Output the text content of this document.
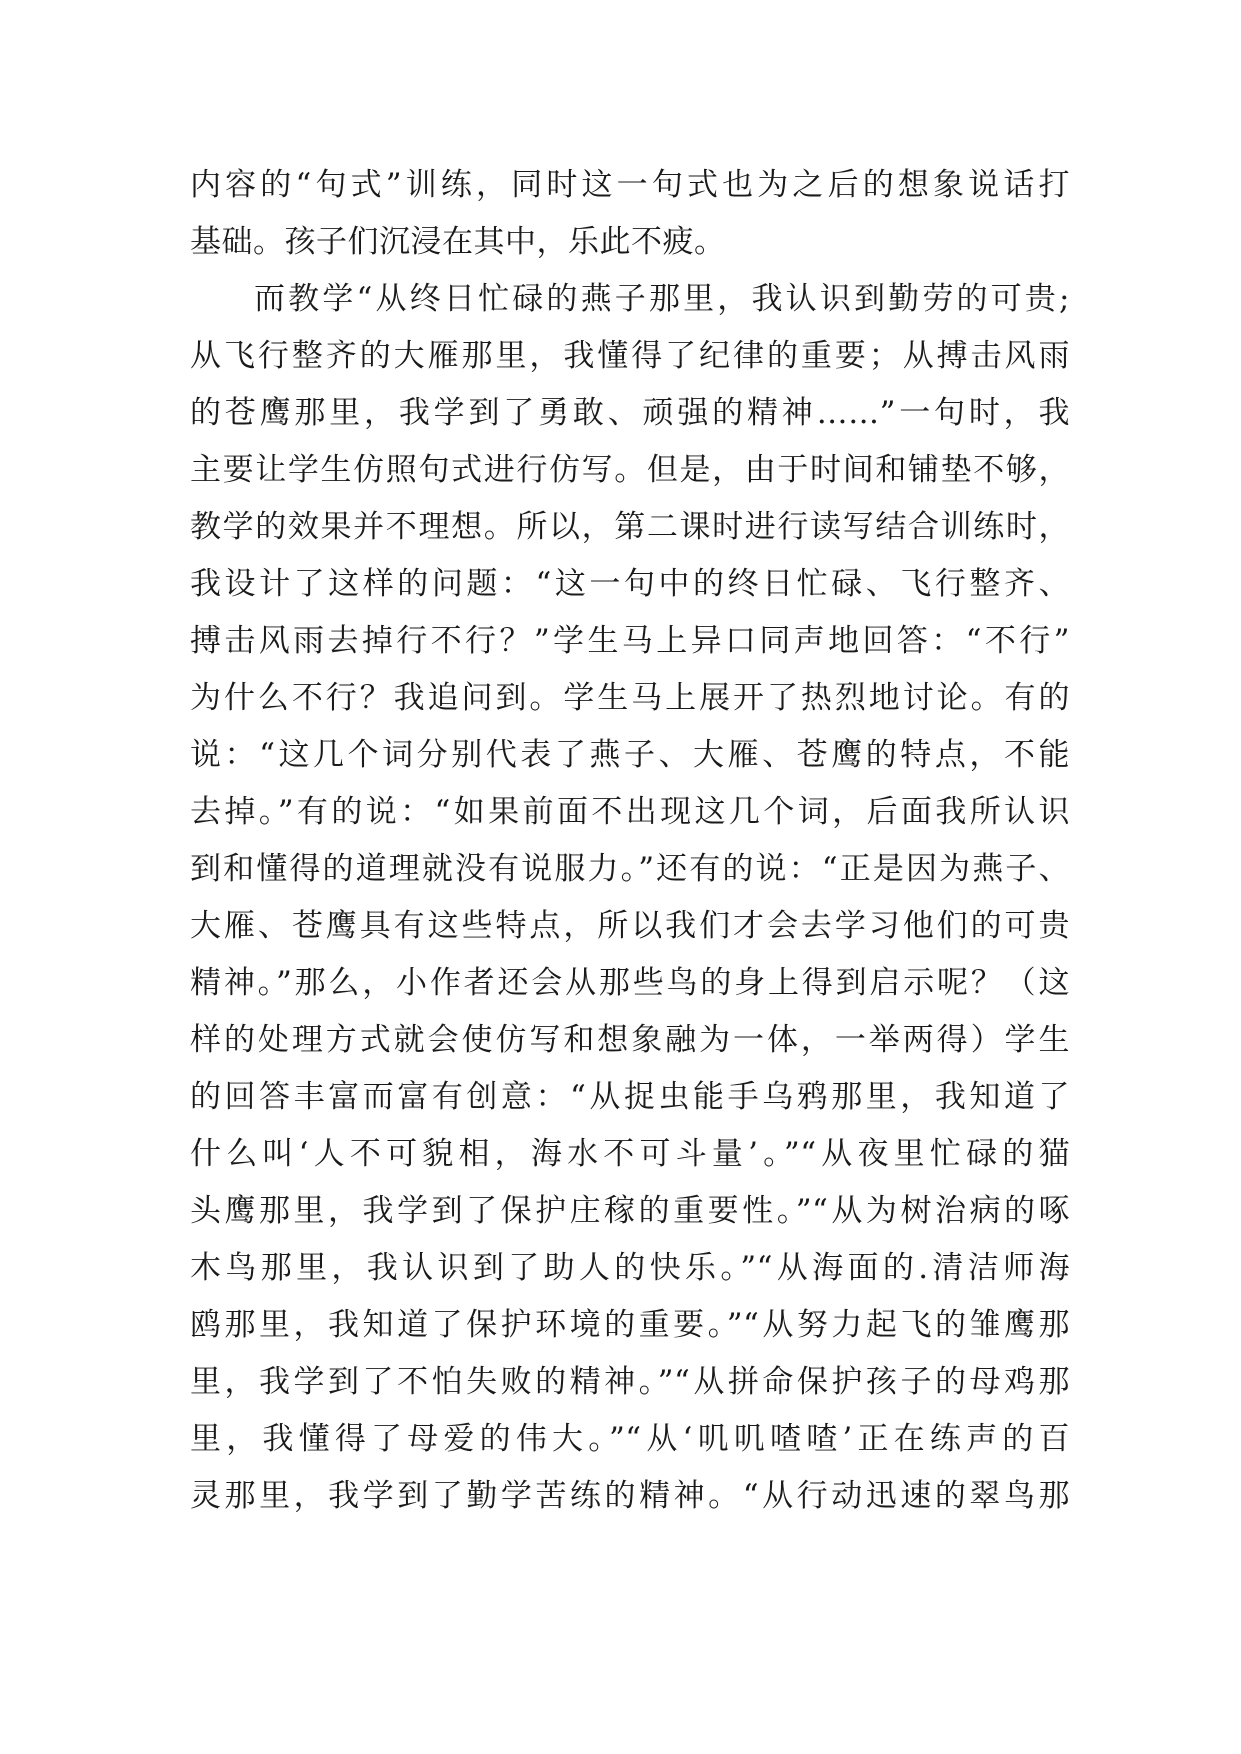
内容的“句式”训练，同时这一句式也为之后的想象说话打
基础。孩子们沉浸在其中，乐此不疲。
而教学“从终日忙碌的燕子那里，我认识到勤劳的可贵;
从飞行整齐的大雁那里，我懂得了纪律的重要；从搏击风雨
的苍鹰那里，我学到了勇敢、顽强的精神……”一句时，我
主要让学生仿照句式进行仿写。但是，由于时间和铺垫不够，
教学的效果并不理想。所以，第二课时进行读写结合训练时，
我设计了这样的问题：“这一句中的终日忙碌、飞行整齐、
搏击风雨去掉行不行？”学生马上异口同声地回答：“不行”
为什么不行？我追问到。学生马上展开了热烈地讨论。有的
说：“这几个词分别代表了燕子、大雁、苍鹰的特点，不能
去掉。”有的说：“如果前面不出现这几个词，后面我所认识
到和懂得的道理就没有说服力。”还有的说：“正是因为燕子、
大雁、苍鹰具有这些特点，所以我们才会去学习他们的可贵
精神。”那么，小作者还会从那些鸟的身上得到启示呢？（这
样的处理方式就会使仿写和想象融为一体，一举两得）学生
的回答丰富而富有创意：“从捉虫能手乌鸦那里，我知道了
什么叫‘人不可貌相，海水不可斗量’。”“从夜里忙碌的猫
头鹰那里，我学到了保护庄稼的重要性。”“从为树治病的啄
木鸟那里，我认识到了助人的快乐。”“从海面的.清洁师海
鸥那里，我知道了保护环境的重要。”“从努力起飞的雏鹰那
里，我学到了不怕失败的精神。”“从拼命保护孩子的母鸡那
里，我懂得了母爱的伟大。”“从‘叽叽喳喳’正在练声的百
灵那里，我学到了勤学苦练的精神。“从行动迅速的翠鸟那
